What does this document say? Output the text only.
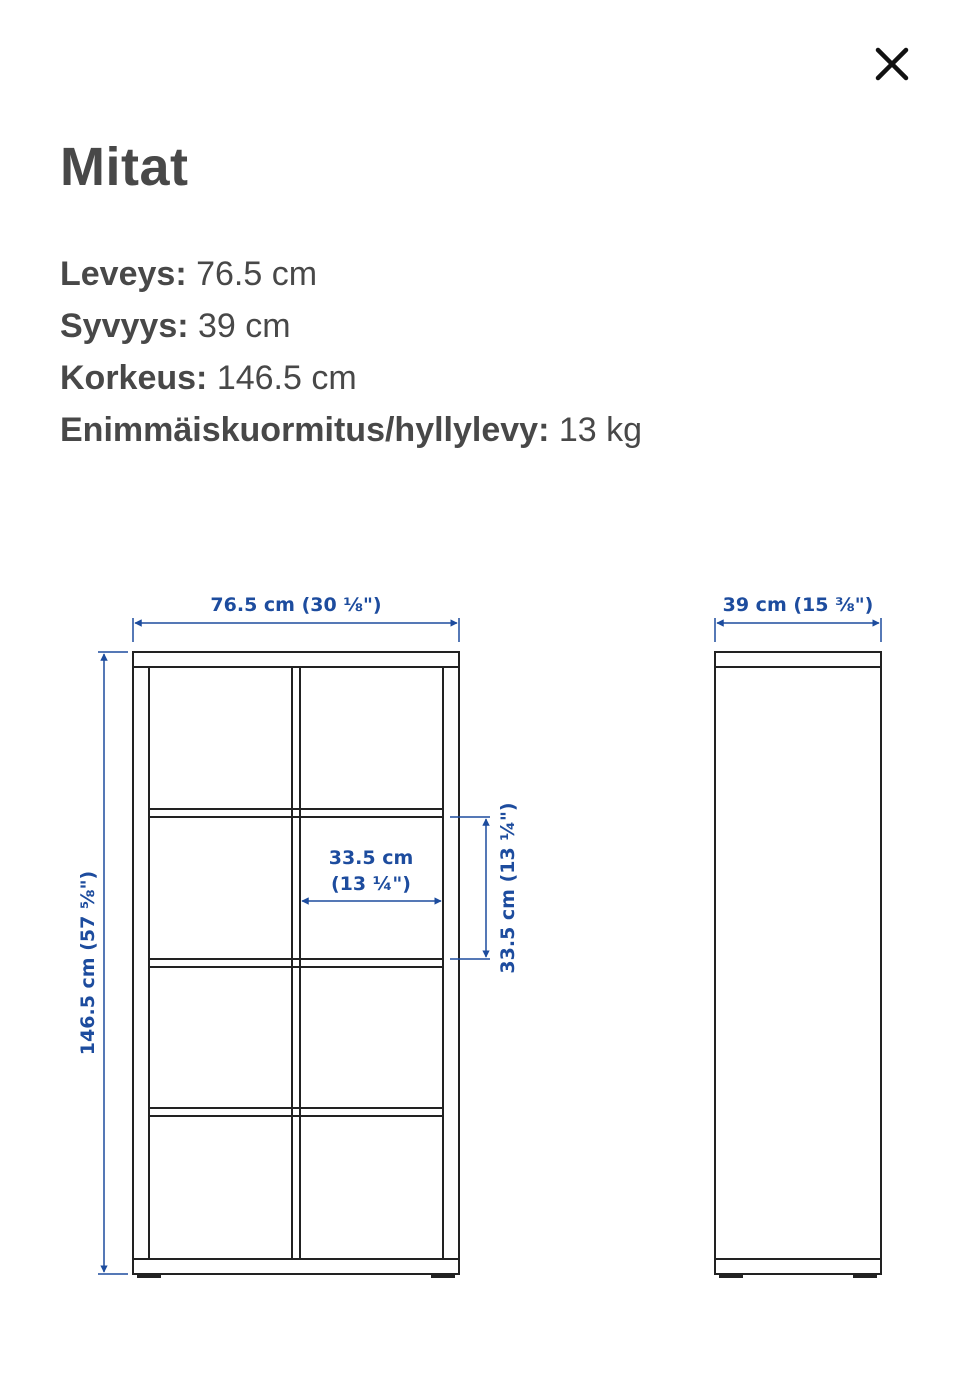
Mitat
Leveys: 76.5 cm
Syvyys: 39 cm
Korkeus: 146.5 cm
Enimmäiskuormitus/hyllylevy: 13 kg
76.5 cm (30 ⅛")
146.5 cm (57 ⅝")
33.5 cm
(13 ¼")	33.5 cm (13 ¼")
39 cm (15 ⅜")
